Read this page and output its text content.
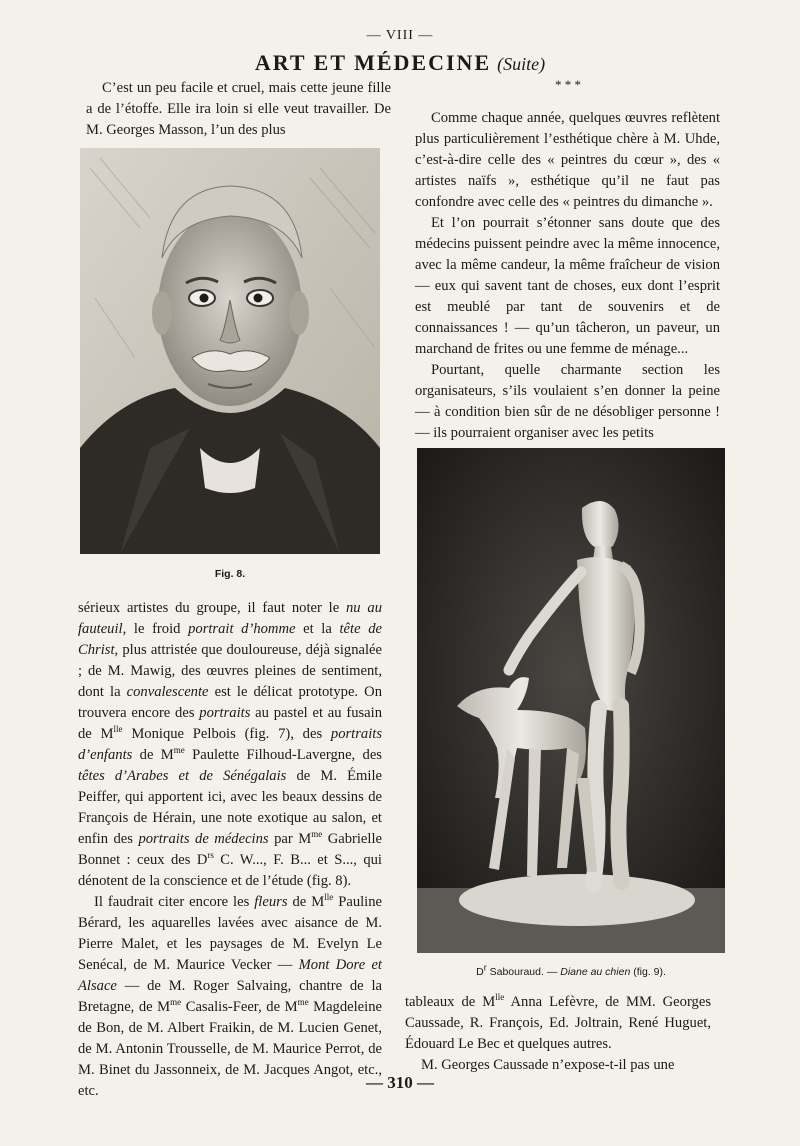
— VIII —
ART ET MÉDECINE (Suite)

C’est un peu facile et cruel, mais cette jeune fille a de l’étoffe. Elle ira loin si elle veut travailler. De M. Georges Masson, l’un des plus

Fig. 8.

sérieux artistes du groupe, il faut noter le nu au fauteuil, le froid portrait d’homme et la tête de Christ, plus attristée que douloureuse, déjà signalée ; de M. Mawig, des œuvres pleines de sentiment, dont la convalescente est le délicat prototype. On trouvera encore des portraits au pastel et au fusain de $M^{lle}$ Monique Pelbois (fig. 7), des portraits d’enfants de $M^{me}$ Paulette Filhoud-Lavergne, des têtes d’Arabes et de Sénégalais de M. Émile Peiffer, qui apportent ici, avec les beaux dessins de François de Hérain, une note exotique au salon, et enfin des portraits de médecins par $M^{me}$ Gabrielle Bonnet : ceux des $D^{rs}$ C. W..., F. B... et S..., qui dénotent de la conscience et de l’étude (fig. 8).

Il faudrait citer encore les fleurs de $M^{lle}$ Pauline Bérard, les aquarelles lavées avec aisance de M. Pierre Malet, et les paysages de M. Evelyn Le Senécal, de M. Maurice Vecker — Mont Dore et Alsace — de M. Roger Salvaing, chantre de la Bretagne, de $M^{me}$ Casalis-Feer, de $M^{me}$ Magdeleine de Bon, de M. Albert Fraikin, de M. Lucien Genet, de M. Antonin Trousselle, de M. Maurice Perrot, de M. Binet du Jassonneix, de M. Jacques Angot, etc., etc.

* * *

Comme chaque année, quelques œuvres reflètent plus particulièrement l’esthétique chère à M. Uhde, c’est-à-dire celle des « peintres du cœur », des « artistes naïfs », esthétique qu’il ne faut pas confondre avec celle des « peintres du dimanche ».

Et l’on pourrait s’étonner sans doute que des médecins puissent peindre avec la même innocence, avec la même candeur, la même fraîcheur de vision — eux qui savent tant de choses, eux dont l’esprit est meublé par tant de souvenirs et de connaissances ! — qu’un tâcheron, un paveur, un marchand de frites ou une femme de ménage...

Pourtant, quelle charmante section les organisateurs, s’ils voulaient s’en donner la peine — à condition bien sûr de ne désobliger personne ! — ils pourraient organiser avec les petits

$D^r$ Sabouraud. — Diane au chien (fig. 9).

tableaux de $M^{lle}$ Anna Lefèvre, de MM. Georges Caussade, R. François, Ed. Joltrain, René Huguet, Édouard Le Bec et quelques autres.

M. Georges Caussade n’expose-t-il pas une

— 310 —
